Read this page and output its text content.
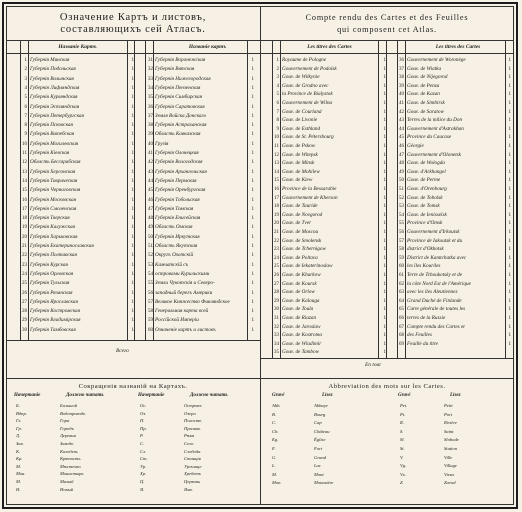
Означение Картъ и листовъ,
составляющихъ сей Атласъ.
Compte rendu des Cartes et des Feuilles
qui composent cet Atlas.
Названіе Картъ	Названіе картъ	Les titres des Cartes	Les titres des Cartes
Всего
En tout
Сокращенія названій на Картахъ.
Начертаніе	Должно читать	Начертаніе	Должно читать
Abbreviation des mots sur les Cartes.
Gravé	Lisez	Gravé	Lisez
1 Губернія Минская	1
2 Губернія Подольская	1
3 Губернія Волынская	1
4 Губернія Лифляндская	1
5 Губернія Курляндская	1
6 Губернія Эстляндская	1
7 Губернія Петербургская	1
8 Губернія Псковская	1
9 Губернія Витебская	1
10 Губернія Могилевская	1
11 Губернія Кіевская	1
12 Область Бессарабская	1
13 Губернія Херсонская	1
14 Губернія Таврическая	1
15 Губернія Черниговская	1
16 Губернія Московская	1
17 Губернія Смоленская	1
18 Губернія Тверская	1
19 Губернія Калужская	1
20 Губернія Харьковская	1
21 Губернія Екатеринославская	1
22 Губернія Полтавская	1
23 Губернія Курская	1
24 Губернія Орловская	1
25 Губернія Тульская	1
26 Губернія Рязанская	1
27 Губернія Ярославская	1
28 Губернія Костромская	1
29 Губернія Владимірская	1
30 Губернія Тамбовская	1
31 Губернія Воронежская	1
32 Губернія Вятская	1
33 Губернія Нижегородская	1
34 Губернія Пензенская	1
35 Губернія Симбирская	1
36 Губернія Саратовская	1
37 Земля Войска Донскаго	1
38 Губернія Астраханская	1
39 Область Кавказская	1
40 Грузія	1
41 Губернія Олонецкая	1
42 Губернія Вологодская	1
43 Губернія Архангельская	1
44 Губернія Пермская	1
45 Губернія Оренбургская	1
46 Губернія Тобольская	1
47 Губернія Томская	1
48 Губернія Енисейская	1
49 Область Омская	1
50 Губернія Иркутская	1
51 Область Якутская	1
52 Округъ Охотскій	1
53 Камчатскій съ	1
54 островами Курильскими	1
55 Земли Чукотскія и Северо-	1
56 западный берегъ Америки	1
57 Великое Княжество Финляндское	1
58 Генеральная карта всей	1
59 Россійской Имперіи	1
60 Означеніе картъ и листовъ	1
1 Royaume de Pologne	1
2 Gouvernement de Podolsk	1
3 Gouv. de Wilkynie	1
4 Gouv. de Grodno avec	1
5 la Province de Bialystok	1
6 Gouvernement de Wilna	1
7 Gouv. de Courland	1
8 Gouv. de Livonie	1
9 Gouv. de Esthland	1
10 Gouv. de St. Pétersbourg	1
11 Gouv. de Pskow	1
12 Gouv. de Witepsk	1
13 Gouv. de Minsk	1
14 Gouv. de Mohilew	1
15 Gouv. de Kiew	1
16 Province de la Bessarabie	1
17 Gouvernement de Kherson	1
18 Gouv. de Tauride	1
19 Gouv. de Novgorod	1
20 Gouv. de Tver	1
21 Gouv. de Moscou	1
22 Gouv. de Smolensk	1
23 Gouv. de Tchernigow	1
24 Gouv. de Poltava	1
25 Gouv. de Iekaterinoslaw	1
26 Gouv. de Kharkow	1
27 Gouv. de Koursk	1
28 Gouv. de Orlow	1
29 Gouv. de Kalouga	1
30 Gouv. de Toula	1
31 Gouv. de Riazan	1
32 Gouv. de Jaroslaw	1
33 Gouv. de Kostroma	1
34 Gouv. de Wladimir	1
35 Gouv. de Tambow	1
36 Gouvernement de Woronège	1
37 Gouv. de Wiatka	1
38 Gouv. de Nijegorod	1
39 Gouv. de Penza	1
40 Gouv. de Kazan	1
41 Gouv. de Simbirsk	1
42 Gouv. de Saratow	1
43 Terres de la milice du Don	1
44 Gouvernement d'Astrakhan	1
45 Province du Caucase	1
46 Géorgie	1
47 Gouvernement d'Olonetsk	1
48 Gouv. de Wologda	1
49 Gouv. d'Arkhangel	1
50 Gouv. de Perme	1
51 Gouv. d'Orenbourg	1
52 Gouv. de Tobolsk	1
53 Gouv. de Tomsk	1
54 Gouv. de Ienisseïsk	1
55 Province d'Omsk	1
56 Gouvernement d'Irkoutsk	1
57 Province de Iakoutsk et du	1
58 district d'Okhotsk	1
59 District de Kamtchatka avec	1
60 les îles Kouriles	1
61 Terre de Tchoukotsky et de	1
62 la côte Nord Est de l'Amérique	1
63 avec les îles Aleutiennes	1
64 Grand Duché de Finlande	1
65 Carte générale de toutes les	1
66 terres de la Russie	1
67 Compte rendu des Cartes et	1
68 des Feuilles	1
69 Feuille du titre	1
Б.	Большой	Ос.	Островъ
Вдпр.	Водопроводъ	Оз.	Озеро
Гл.	Гора	П.	Погостъ
Гр.	Городъ	Пр.	Проливъ
Д.	Деревня	Р.	Рѣка
Зав.	Заводъ	С.	Село
К.	Колодезь	Сл.	Слобода
Кр.	Крѣпость	Ст.	Станція
М.	Мѣстечко	Ур.	Урочище
Мон.	Монастырь	Хр.	Хребетъ
М.	Малый	Ц.	Церковь
Н.	Новый	Я.	Ямъ
Abb.	Abbaye	Pet.	Petit
B.	Bourg	Pt.	Port
C.	Cap	R.	Rivière
Ch.	Château	S.	Saint
Eg.	Église	Sl.	Slobode
F.	Fort	St.	Station
G.	Grand	V.	Ville
L.	Lac	Vg.	Village
M.	Mont	Vx.	Vieux
Mon.	Monastère	Z.	Zavod
